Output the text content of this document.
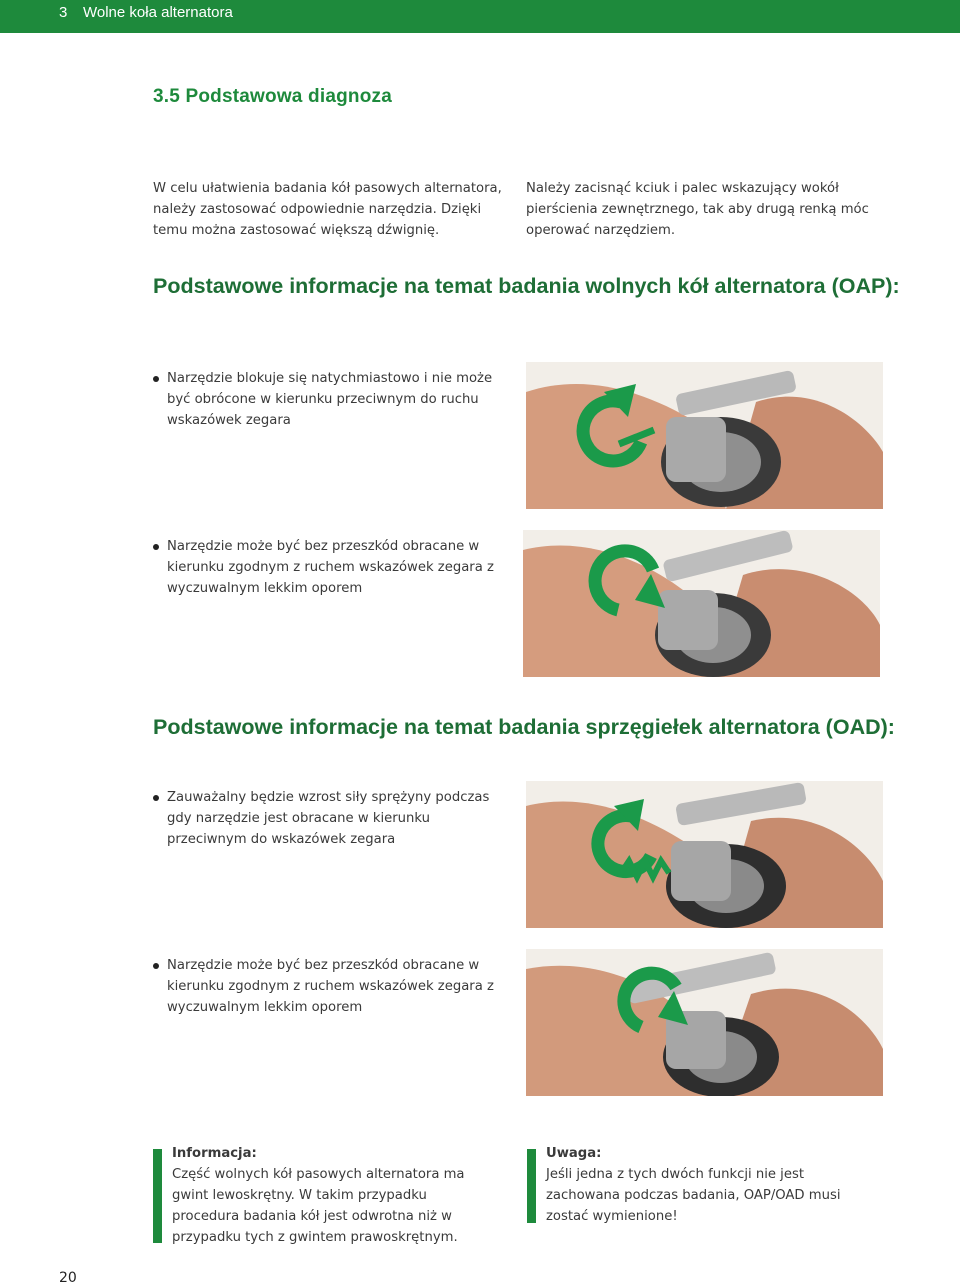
3 Wolne koła alternatora
3.5 Podstawowa diagnoza

W celu ułatwienia badania kół pasowych alternatora, należy zastosować odpowiednie narzędzia. Dzięki temu można zastosować większą dźwignię.

Należy zacisnąć kciuk i palec wskazujący wokół pierścienia zewnętrznego, tak aby drugą renką móc operować narzędziem.

Podstawowe informacje na temat badania wolnych kół alternatora (OAP):
Narzędzie blokuje się natychmiastowo i nie może być obrócone w kierunku przeciwnym do ruchu wskazówek zegara
Narzędzie może być bez przeszkód obracane w kierunku zgodnym z ruchem wskazówek zegara z wyczuwalnym lekkim oporem
Podstawowe informacje na temat badania sprzęgiełek alternatora (OAD):
Zauważalny będzie wzrost siły sprężyny podczas gdy narzędzie jest obracane w kierunku przeciwnym do wskazówek zegara
Narzędzie może być bez przeszkód obracane w kierunku zgodnym z ruchem wskazówek zegara z wyczuwalnym lekkim oporem
Informacja:
Część wolnych kół pasowych alternatora ma gwint lewoskrętny. W takim przypadku procedura badania kół jest odwrotna niż w przypadku tych z gwintem prawoskrętnym.
Uwaga:
Jeśli jedna z tych dwóch funkcji nie jest zachowana podczas badania, OAP/OAD musi zostać wymienione!
20
